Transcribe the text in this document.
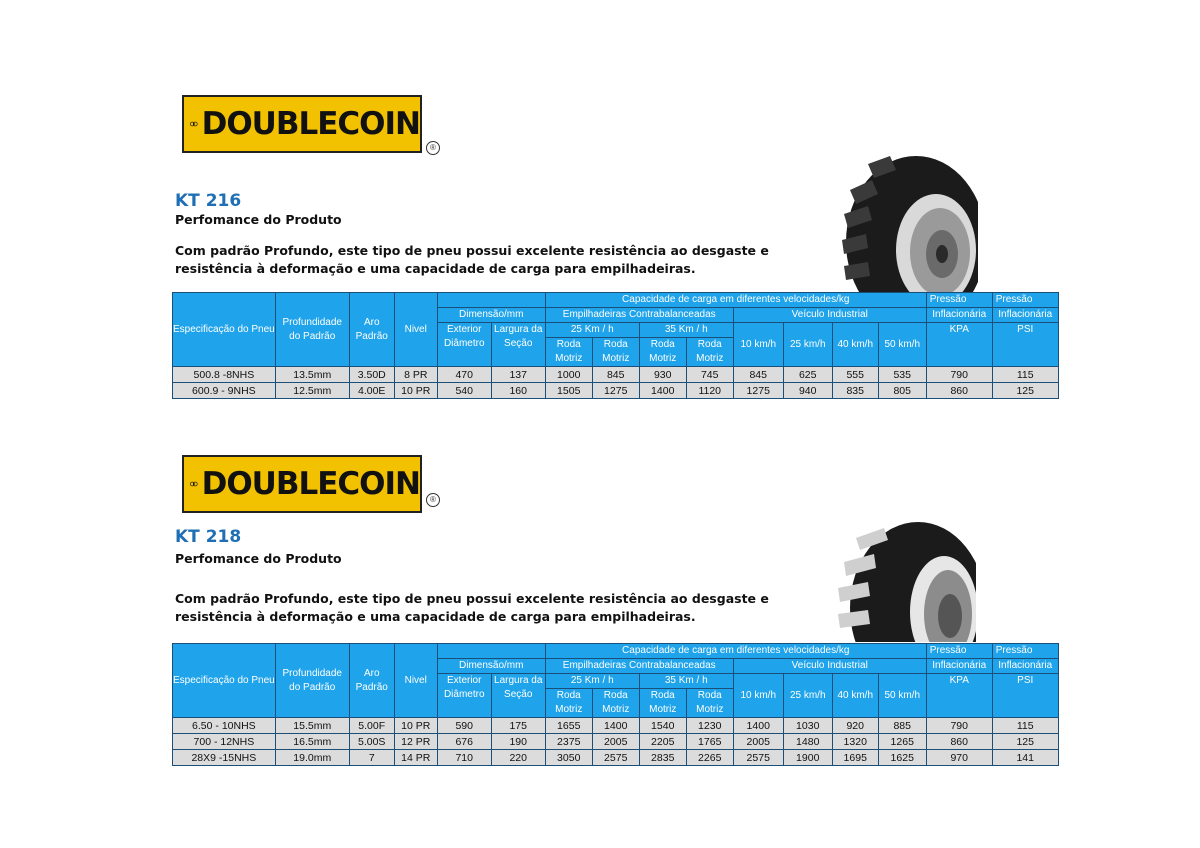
DOUBLECOIN
®
KT 216
Perfomance do Produto
Com padrão Profundo, este tipo de pneu possui excelente resistência ao desgaste e resistência à deformação e uma capacidade de carga para empilhadeiras.
Especificação do Pneu	Profundidade do Padrão	Aro Padrão	Nivel			Capacidade de carga em diferentes velocidades/kg								Pressão	Pressão
				Dimensão/mm		Empilhadeiras Contrabalanceadas				Veículo Industrial				Inflacionária	Inflacionária
				Exterior Diâmetro	Largura da Seção	25 Km / h		35 Km / h		10 km/h	25 km/h	40 km/h	50 km/h	KPA	PSI
						Roda Motriz	Roda Motriz	Roda Motriz	Roda Motriz						

500.8 -8NHS	13.5mm	3.50D	8 PR	470	137	1000	845	930	745	845	625	555	535	790	115
600.9 - 9NHS	12.5mm	4.00E	10 PR	540	160	1505	1275	1400	1120	1275	940	835	805	860	125
DOUBLECOIN	®
KT 218
Perfomance do Produto
Com padrão Profundo, este tipo de pneu possui excelente resistência ao desgaste e resistência à deformação e uma capacidade de carga para empilhadeiras.
Especificação do Pneu	Profundidade do Padrão	Aro Padrão	Nivel			Capacidade de carga em diferentes velocidades/kg								Pressão	Pressão
				Dimensão/mm		Empilhadeiras Contrabalanceadas				Veículo Industrial				Inflacionária	Inflacionária
				Exterior Diâmetro	Largura da Seção	25 Km / h		35 Km / h		10 km/h	25 km/h	40 km/h	50 km/h	KPA	PSI
						Roda Motriz	Roda Motriz	Roda Motriz	Roda Motriz						

6.50 - 10NHS	15.5mm	5.00F	10 PR	590	175	1655	1400	1540	1230	1400	1030	920	885	790	115
700 - 12NHS	16.5mm	5.00S	12 PR	676	190	2375	2005	2205	1765	2005	1480	1320	1265	860	125
28X9 -15NHS	19.0mm	7	14 PR	710	220	3050	2575	2835	2265	2575	1900	1695	1625	970	141
